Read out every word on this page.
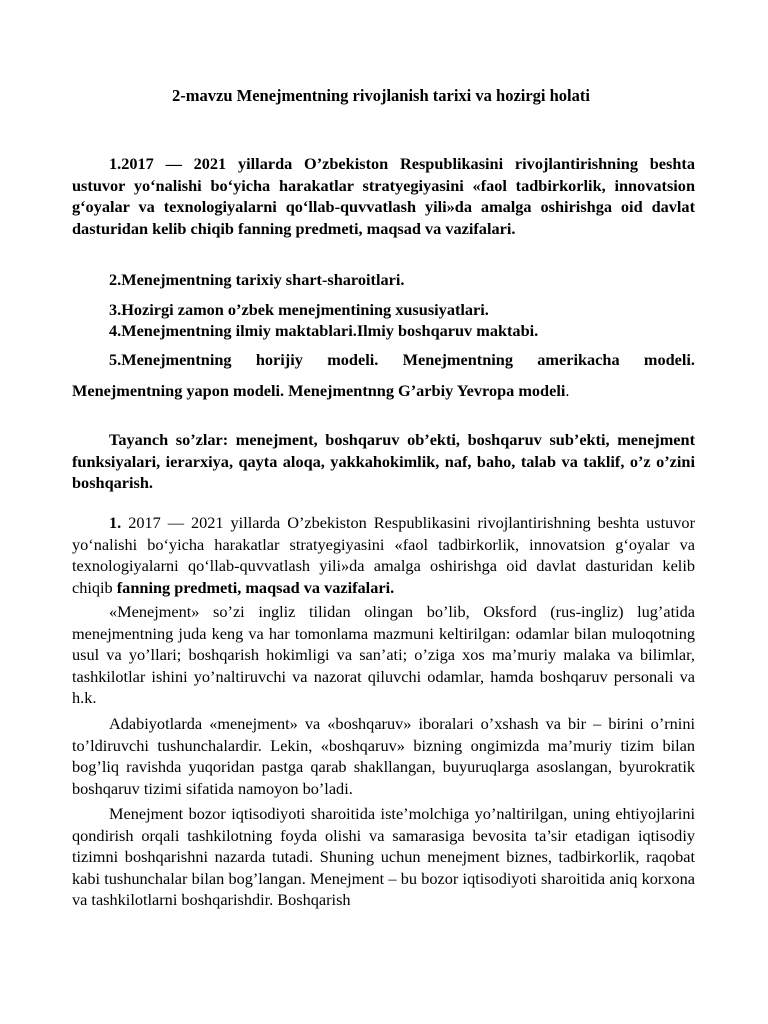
2-mavzu Menejmentning rivojlanish tarixi va hozirgi holati
1.2017 — 2021 yillarda O’zbekiston Respublikasini rivojlantirishning beshta ustuvor yo‘nalishi bo‘yicha harakatlar stratyegiyasini «faol tadbirkorlik, innovatsion g‘oyalar va texnologiyalarni qo‘llab-quvvatlash yili»da amalga oshirishga oid davlat dasturidan kelib chiqib fanning predmeti, maqsad va vazifalari.
2.Menejmentning tarixiy shart-sharoitlari.
3.Hozirgi zamon o’zbek menejmentining xususiyatlari.
4.Menejmentning ilmiy maktablari.Ilmiy boshqaruv maktabi.
5.Menejmentning horijiy modeli. Menejmentning amerikacha modeli.
Menejmentning yapon modeli. Menejmentnng G’arbiy Yevropa modeli.
Tayanch so’zlar: menejment, boshqaruv ob’ekti, boshqaruv sub’ekti, menejment funksiyalari, ierarxiya, qayta aloqa, yakkahokimlik, naf, baho, talab va taklif, o’z o’zini boshqarish.
1. 2017 — 2021 yillarda O’zbekiston Respublikasini rivojlantirishning beshta ustuvor yo‘nalishi bo‘yicha harakatlar stratyegiyasini «faol tadbirkorlik, innovatsion g‘oyalar va texnologiyalarni qo‘llab-quvvatlash yili»da amalga oshirishga oid davlat dasturidan kelib chiqib fanning predmeti, maqsad va vazifalari.
«Menejment» so’zi ingliz tilidan olingan bo’lib, Oksford (rus-ingliz) lug’atida menejmentning juda keng va har tomonlama mazmuni keltirilgan: odamlar bilan muloqotning usul va yo’llari; boshqarish hokimligi va san’ati; o’ziga xos ma’muriy malaka va bilimlar, tashkilotlar ishini yo’naltiruvchi va nazorat qiluvchi odamlar, hamda boshqaruv personali va h.k.
Adabiyotlarda «menejment» va «boshqaruv» iboralari o’xshash va bir – birini o’rnini to’ldiruvchi tushunchalardir. Lekin, «boshqaruv» bizning ongimizda ma’muriy tizim bilan bog’liq ravishda yuqoridan pastga qarab shakllangan, buyuruqlarga asoslangan, byurokratik boshqaruv tizimi sifatida namoyon bo’ladi.
Menejment bozor iqtisodiyoti sharoitida iste’molchiga yo’naltirilgan, uning ehtiyojlarini qondirish orqali tashkilotning foyda olishi va samarasiga bevosita ta’sir etadigan iqtisodiy tizimni boshqarishni nazarda tutadi. Shuning uchun menejment biznes, tadbirkorlik, raqobat kabi tushunchalar bilan bog’langan. Menejment – bu bozor iqtisodiyoti sharoitida aniq korxona va tashkilotlarni boshqarishdir. Boshqarish
